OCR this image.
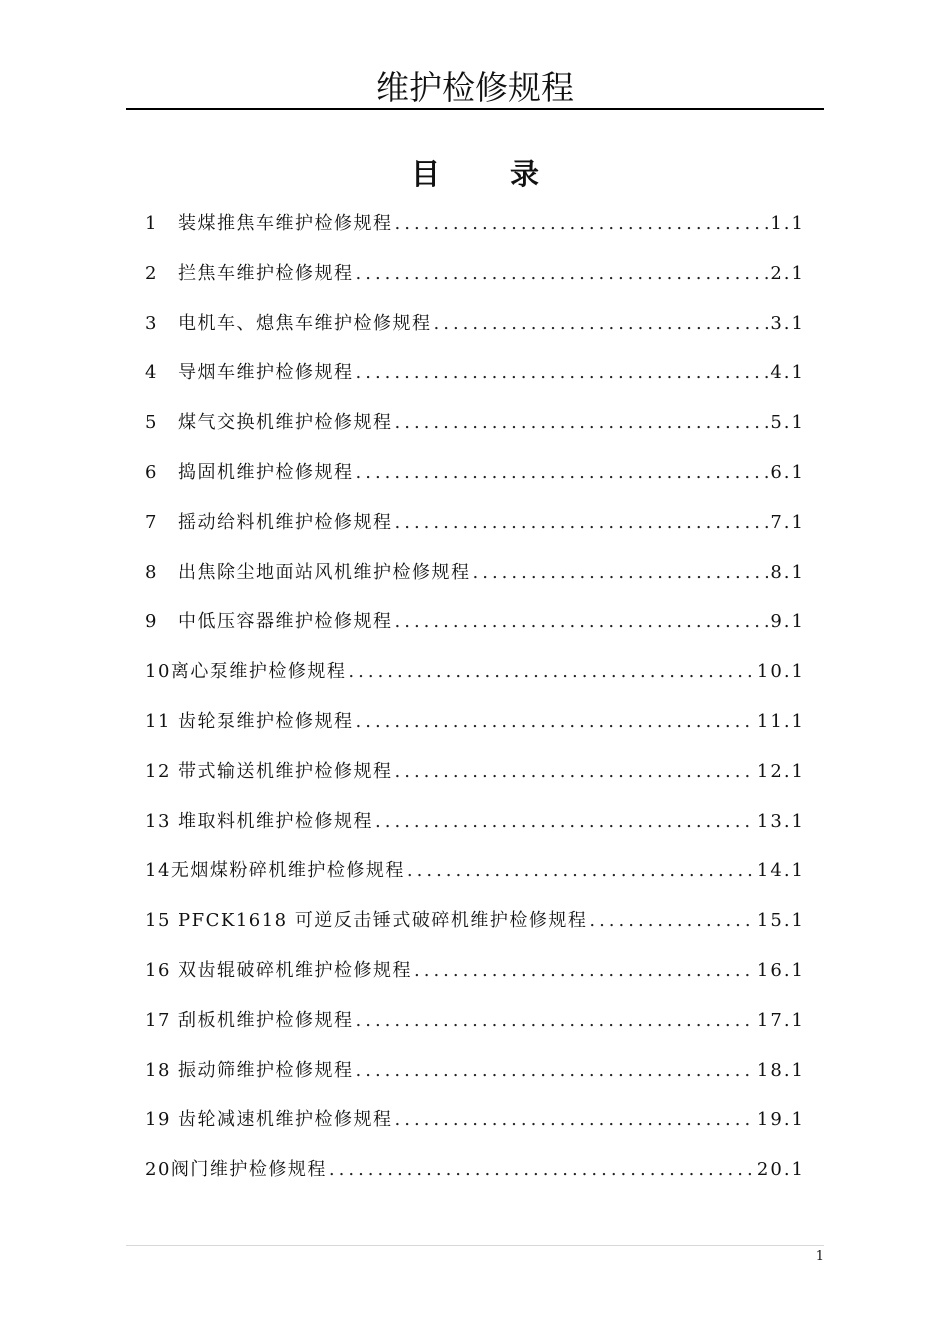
维护检修规程
目录
1	装煤推焦车维护检修规程 .....	1.1
2	拦焦车维护检修规程 .....	2.1
3	电机车、熄焦车维护检修规程 .....	3.1
4	导烟车维护检修规程 .....	4.1
5	煤气交换机维护检修规程 .....	5.1
6	捣固机维护检修规程 .....	6.1
7	摇动给料机维护检修规程 .....	7.1
8	出焦除尘地面站风机维护检修规程 .....	8.1
9	中低压容器维护检修规程 .....	9.1
10 离心泵维护检修规程 .....	10.1
11 齿轮泵维护检修规程 .....	11.1
12 带式输送机维护检修规程 .....	12.1
13 堆取料机维护检修规程 .....	13.1
14 无烟煤粉碎机维护检修规程 .....	14.1
15 PFCK1618 可逆反击锤式破碎机维护检修规程 .....	15.1
16 双齿辊破碎机维护检修规程 .....	16.1
17 刮板机维护检修规程 .....	17.1
18 振动筛维护检修规程 .....	18.1
19 齿轮减速机维护检修规程 .....	19.1
20 阀门维护检修规程 .....	20.1
1
